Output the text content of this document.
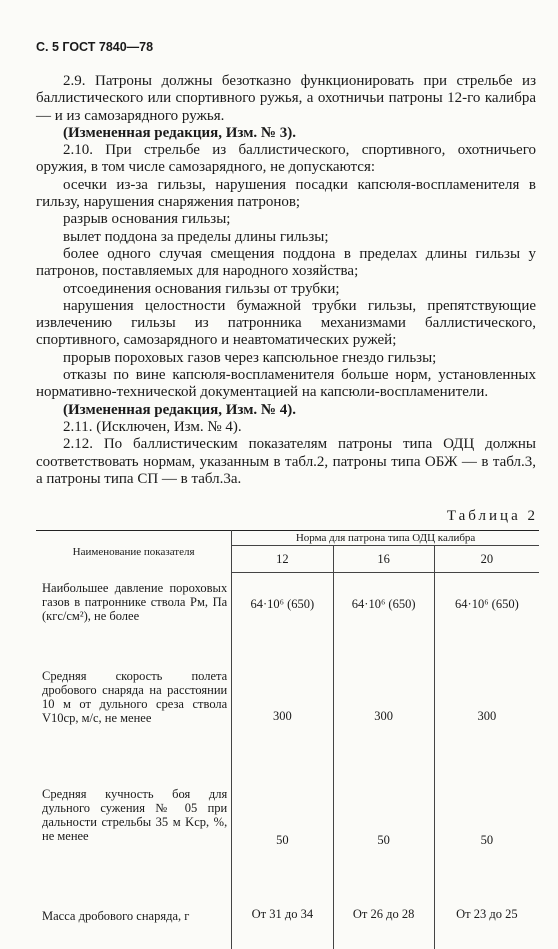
С. 5 ГОСТ 7840—78

2.9. Патроны должны безотказно функционировать при стрельбе из баллистического или спортивного ружья, а охотничьи патроны 12-го калибра — и из самозарядного ружья.

(Измененная редакция, Изм. № 3).

2.10. При стрельбе из баллистического, спортивного, охотничьего оружия, в том числе самозарядного, не допускаются:

осечки из-за гильзы, нарушения посадки капсюля-воспламенителя в гильзу, нарушения снаряжения патронов;

разрыв основания гильзы;

вылет поддона за пределы длины гильзы;

более одного случая смещения поддона в пределах длины гильзы у патронов, поставляемых для народного хозяйства;

отсоединения основания гильзы от трубки;

нарушения целостности бумажной трубки гильзы, препятствующие извлечению гильзы из патронника механизмами баллистического, спортивного, самозарядного и неавтоматических ружей;

прорыв пороховых газов через капсюльное гнездо гильзы;

отказы по вине капсюля-воспламенителя больше норм, установленных нормативно-технической документацией на капсюли-воспламенители.

(Измененная редакция, Изм. № 4).

2.11. (Исключен, Изм. № 4).

2.12. По баллистическим показателям патроны типа ОДЦ должны соответствовать нормам, указанным в табл.2, патроны типа ОБЖ — в табл.3, а патроны типа СП — в табл.3а.

Таблица 2
Наименование показателя	Норма для патрона типа ОДЦ калибра		
	12	16	20
Наибольшее давление пороховых газов в патроннике ствола Pм, Па (кгс/см²), не более	64·10⁶ (650)	64·10⁶ (650)	64·10⁶ (650)
Средняя скорость полета дробового снаряда на расстоянии 10 м от дульного среза ствола V10ср, м/с, не менее	300	300	300
Средняя кучность боя для дульного сужения № 05 при дальности стрельбы 35 м Kср, %, не менее	50	50	50
Масса дробового снаряда, г	От 31 до 34	От 26 до 28	От 23 до 25
